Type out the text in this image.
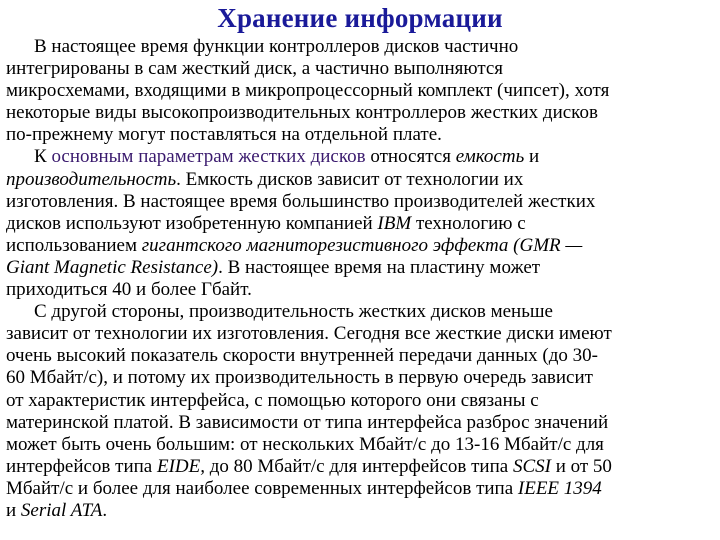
Хранение информации
В настоящее время функции контроллеров дисков частично
интегрированы в сам жесткий диск, а частично выполняются
микросхемами, входящими в микропроцессорный комплект (чипсет), хотя
некоторые виды высокопроизводительных контроллеров жестких дисков
по-прежнему могут поставляться на отдельной плате.
К основным параметрам жестких дисков относятся емкость и
производительность. Емкость дисков зависит от технологии их
изготовления. В настоящее время большинство производителей жестких
дисков используют изобретенную компанией IBM технологию с
использованием гигантского магниторезистивного эффекта (GMR —
Giant Magnetic Resistance). В настоящее время на пластину может
приходиться 40 и более Гбайт.
С другой стороны, производительность жестких дисков меньше
зависит от технологии их изготовления. Сегодня все жесткие диски имеют
очень высокий показатель скорости внутренней передачи данных (до 30-
60 Мбайт/с), и потому их производительность в первую очередь зависит
от характеристик интерфейса, с помощью которого они связаны с
материнской платой. В зависимости от типа интерфейса разброс значений
может быть очень большим: от нескольких Мбайт/с до 13-16 Мбайт/с для
интерфейсов типа EIDE, до 80 Мбайт/с для интерфейсов типа SCSI и от 50
Мбайт/с и более для наиболее современных интерфейсов типа IEEE 1394
и Serial ATA.
